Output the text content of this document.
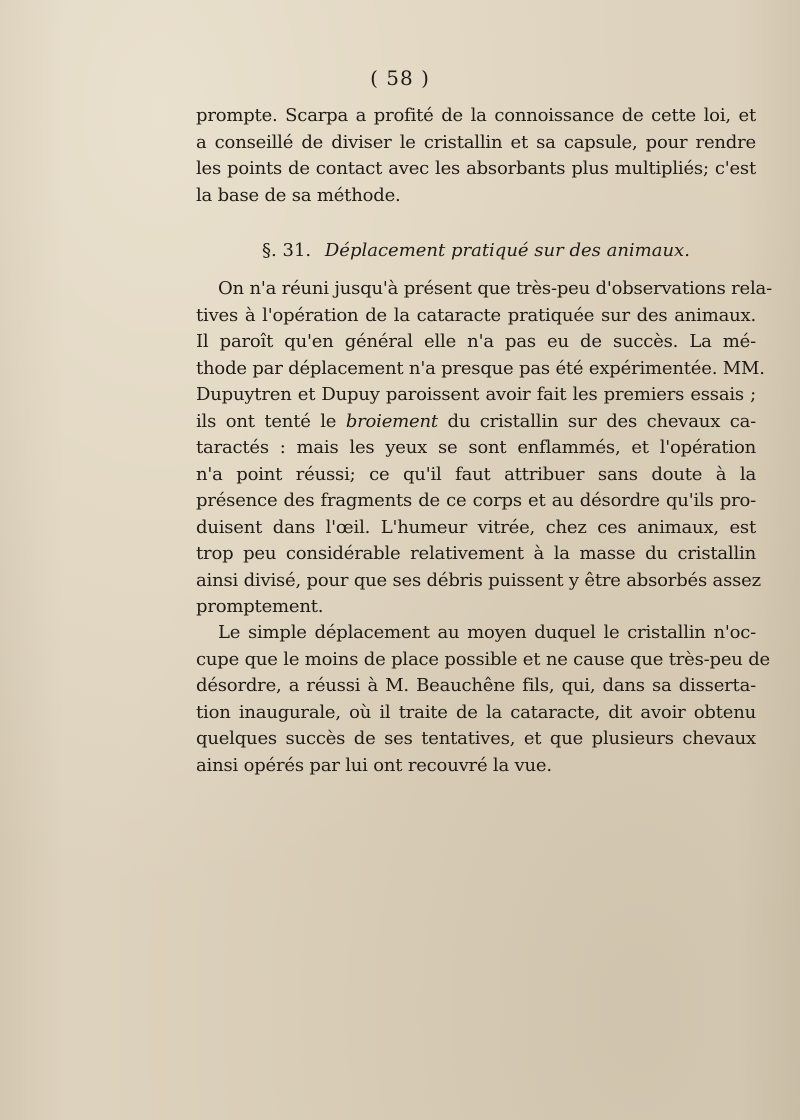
( 58 )
prompte. Scarpa a profité de la connoissance de cette loi, et
a conseillé de diviser le cristallin et sa capsule, pour rendre
les points de contact avec les absorbants plus multipliés; c'est
la base de sa méthode.
§. 31. Déplacement pratiqué sur des animaux.
On n'a réuni jusqu'à présent que très-peu d'observations rela-
tives à l'opération de la cataracte pratiquée sur des animaux.
Il paroît qu'en général elle n'a pas eu de succès. La mé-
thode par déplacement n'a presque pas été expérimentée. MM.
Dupuytren et Dupuy paroissent avoir fait les premiers essais ;
ils ont tenté le broiement du cristallin sur des chevaux ca-
taractés : mais les yeux se sont enflammés, et l'opération
n'a point réussi; ce qu'il faut attribuer sans doute à la
présence des fragments de ce corps et au désordre qu'ils pro-
duisent dans l'œil. L'humeur vitrée, chez ces animaux, est
trop peu considérable relativement à la masse du cristallin
ainsi divisé, pour que ses débris puissent y être absorbés assez
promptement.
Le simple déplacement au moyen duquel le cristallin n'oc-
cupe que le moins de place possible et ne cause que très-peu de
désordre, a réussi à M. Beauchêne fils, qui, dans sa disserta-
tion inaugurale, où il traite de la cataracte, dit avoir obtenu
quelques succès de ses tentatives, et que plusieurs chevaux
ainsi opérés par lui ont recouvré la vue.
